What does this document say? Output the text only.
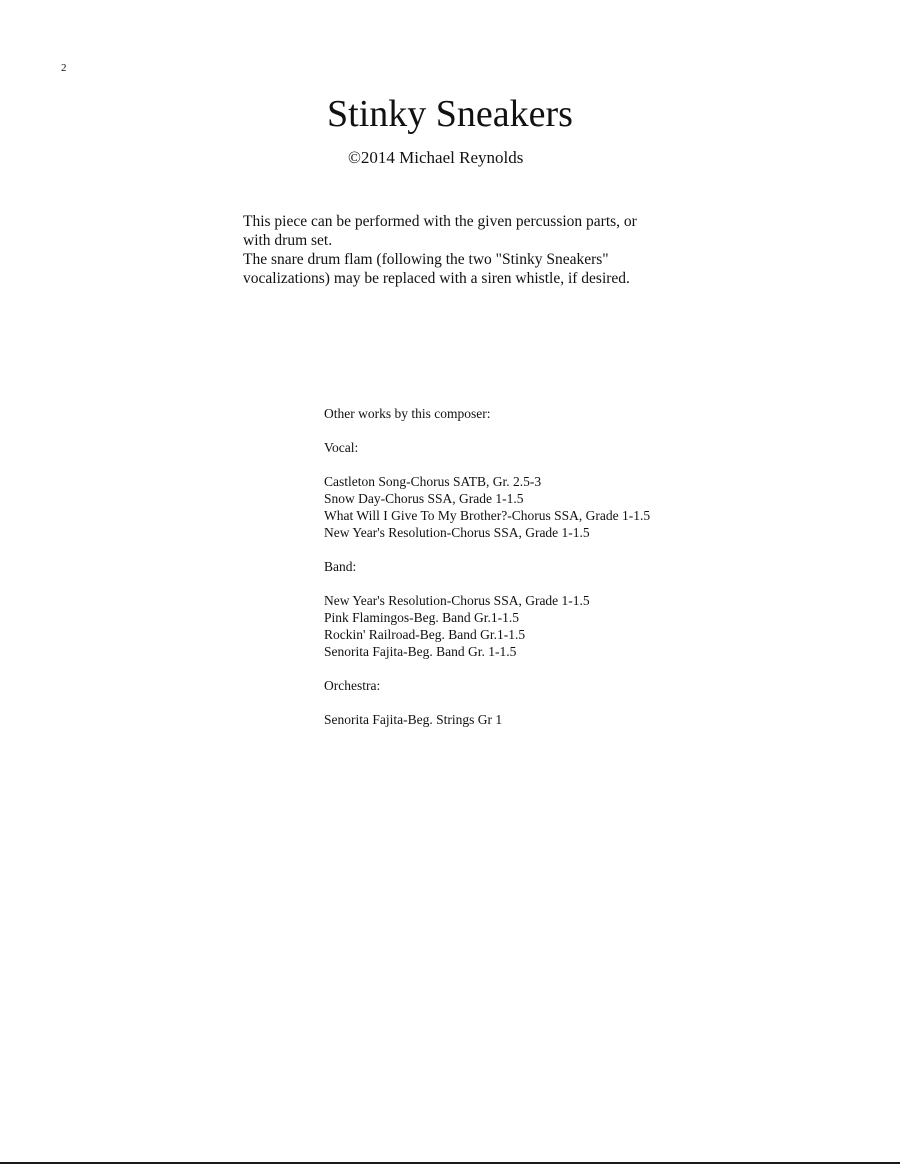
2
Stinky Sneakers
©2014 Michael Reynolds

This piece can be performed with the given percussion parts, or

with drum set.

The snare drum flam (following the two "Stinky Sneakers"

vocalizations) may be replaced with a siren whistle, if desired.

Other works by this composer:

Vocal:

Castleton Song-Chorus SATB, Gr. 2.5-3

Snow Day-Chorus SSA, Grade 1-1.5

What Will I Give To My Brother?-Chorus SSA, Grade 1-1.5

New Year's Resolution-Chorus SSA, Grade 1-1.5

Band:

New Year's Resolution-Chorus SSA, Grade 1-1.5

Pink Flamingos-Beg. Band Gr.1-1.5

Rockin' Railroad-Beg. Band Gr.1-1.5

Senorita Fajita-Beg. Band Gr. 1-1.5

Orchestra:

Senorita Fajita-Beg. Strings Gr 1
